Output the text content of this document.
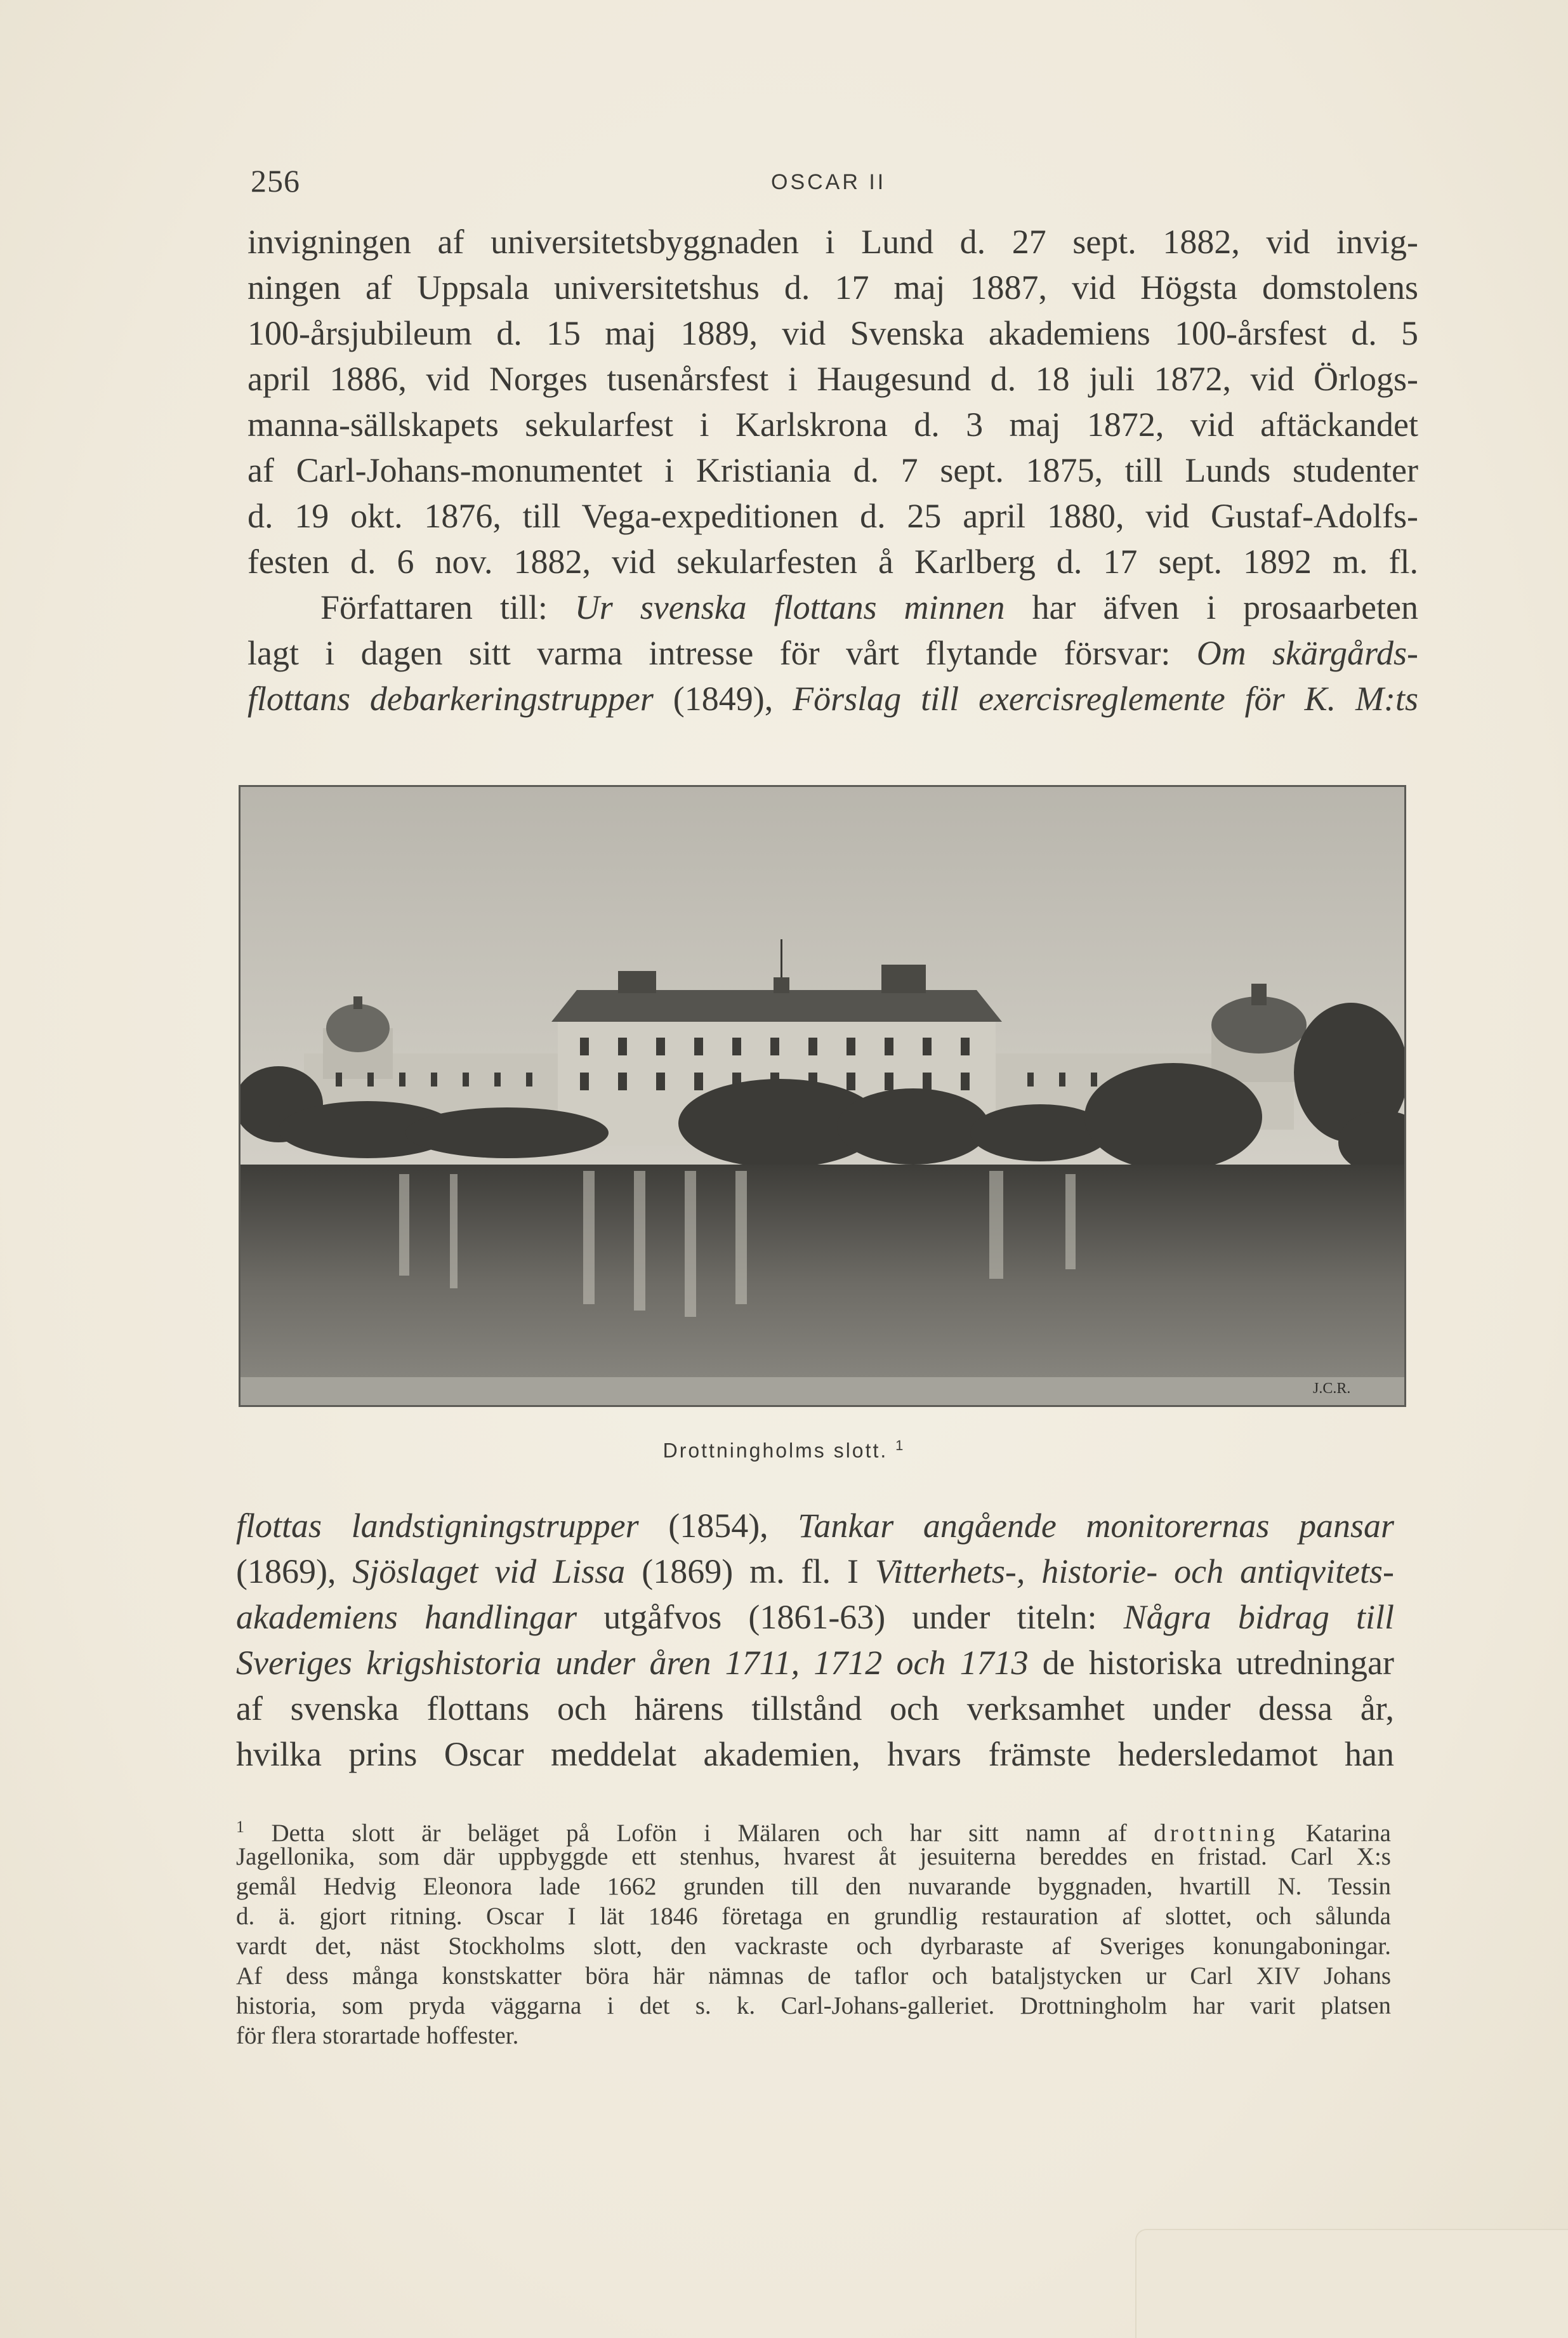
256	OSCAR II
invigningen af universitetsbyggnaden i Lund d. 27 sept. 1882, vid invig-
ningen af Uppsala universitetshus d. 17 maj 1887, vid Högsta domstolens
100-årsjubileum d. 15 maj 1889, vid Svenska akademiens 100-årsfest d. 5
april 1886, vid Norges tusenårsfest i Haugesund d. 18 juli 1872, vid Örlogs-
manna-sällskapets sekularfest i Karlskrona d. 3 maj 1872, vid aftäckandet
af Carl-Johans-monumentet i Kristiania d. 7 sept. 1875, till Lunds studenter
d. 19 okt. 1876, till Vega-expeditionen d. 25 april 1880, vid Gustaf-Adolfs-
festen d. 6 nov. 1882, vid sekularfesten å Karlberg d. 17 sept. 1892 m. fl.
Författaren till: Ur svenska flottans minnen har äfven i prosaarbeten
lagt i dagen sitt varma intresse för vårt flytande försvar: Om skärgårds-
flottans debarkeringstrupper (1849), Förslag till exercisreglemente för K. M:ts
J.C.R.
Drottningholms slott. $^1$
flottas landstigningstrupper (1854), Tankar angående monitorernas pansar
(1869), Sjöslaget vid Lissa (1869) m. fl. I Vitterhets-, historie- och antiqvitets-
akademiens handlingar utgåfvos (1861-63) under titeln: Några bidrag till
Sveriges krigshistoria under åren 1711, 1712 och 1713 de historiska utredningar
af svenska flottans och härens tillstånd och verksamhet under dessa år,
hvilka prins Oscar meddelat akademien, hvars främste hedersledamot han
$^1$ Detta slott är beläget på Lofön i Mälaren och har sitt namn af drottning Katarina
Jagellonika, som där uppbyggde ett stenhus, hvarest åt jesuiterna bereddes en fristad. Carl X:s
gemål Hedvig Eleonora lade 1662 grunden till den nuvarande byggnaden, hvartill N. Tessin
d. ä. gjort ritning. Oscar I lät 1846 företaga en grundlig restauration af slottet, och sålunda
vardt det, näst Stockholms slott, den vackraste och dyrbaraste af Sveriges konungaboningar.
Af dess många konstskatter böra här nämnas de taflor och bataljstycken ur Carl XIV Johans
historia, som pryda väggarna i det s. k. Carl-Johans-galleriet. Drottningholm har varit platsen
för flera storartade hoffester.
